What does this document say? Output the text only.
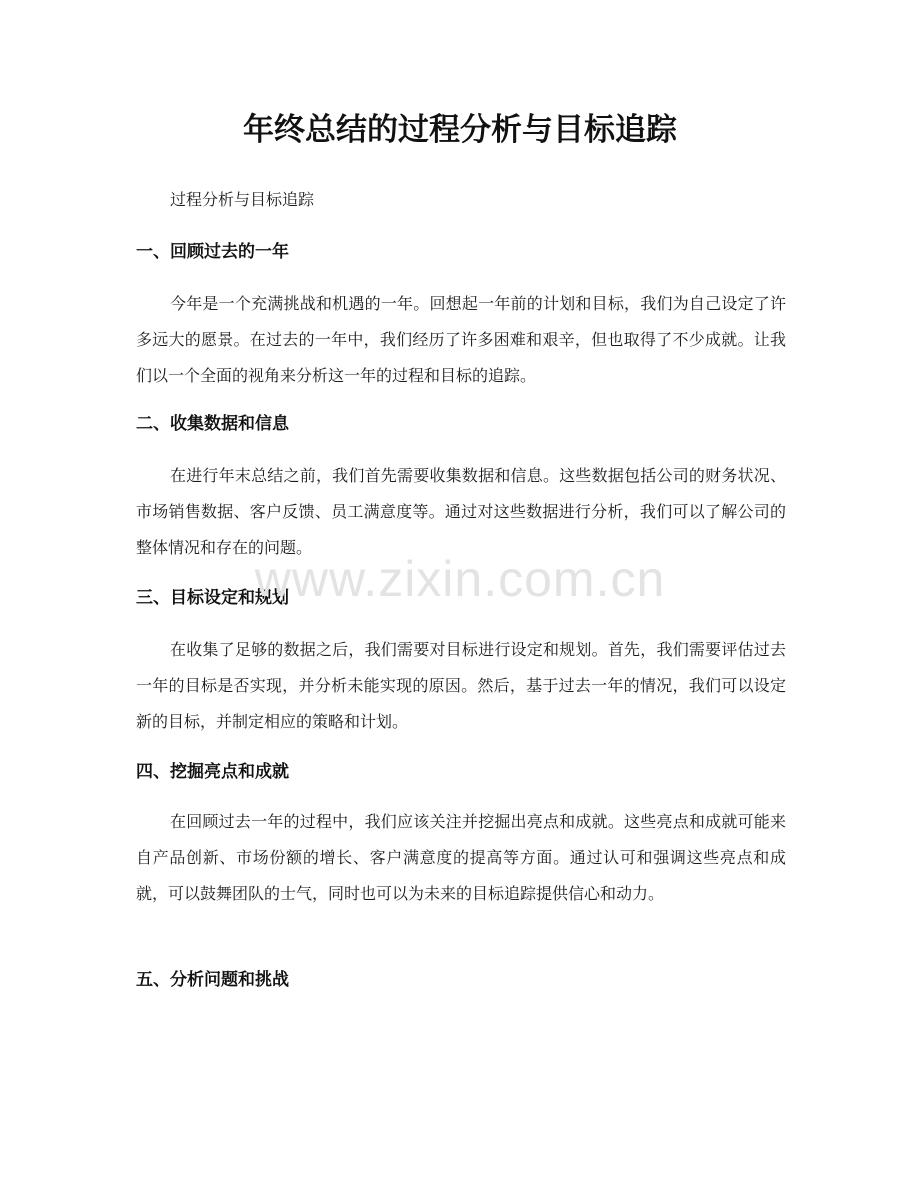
年终总结的过程分析与目标追踪

过程分析与目标追踪

一、回顾过去的一年

今年是一个充满挑战和机遇的一年。回想起一年前的计划和目标，我们为自己设定了许多远大的愿景。在过去的一年中，我们经历了许多困难和艰辛，但也取得了不少成就。让我们以一个全面的视角来分析这一年的过程和目标的追踪。

二、收集数据和信息

在进行年末总结之前，我们首先需要收集数据和信息。这些数据包括公司的财务状况、市场销售数据、客户反馈、员工满意度等。通过对这些数据进行分析，我们可以了解公司的整体情况和存在的问题。

三、目标设定和规划

在收集了足够的数据之后，我们需要对目标进行设定和规划。首先，我们需要评估过去一年的目标是否实现，并分析未能实现的原因。然后，基于过去一年的情况，我们可以设定新的目标，并制定相应的策略和计划。

四、挖掘亮点和成就

在回顾过去一年的过程中，我们应该关注并挖掘出亮点和成就。这些亮点和成就可能来自产品创新、市场份额的增长、客户满意度的提高等方面。通过认可和强调这些亮点和成就，可以鼓舞团队的士气，同时也可以为未来的目标追踪提供信心和动力。

五、分析问题和挑战
www.zixin.com.cn
